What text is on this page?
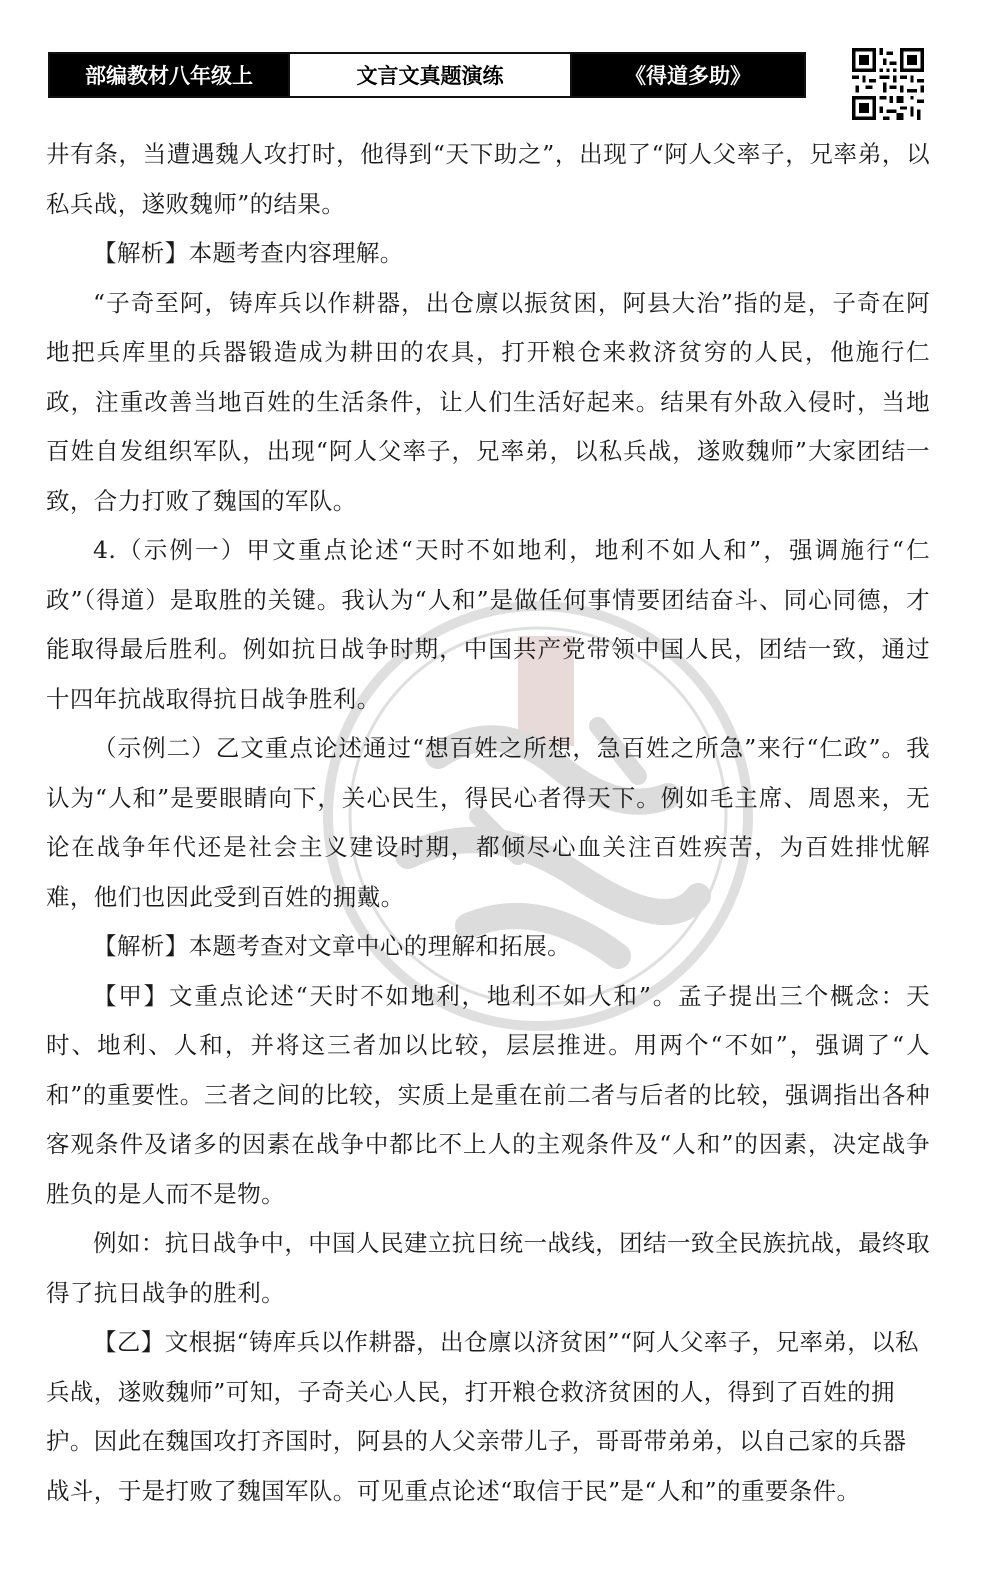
部编教材八年级上	文言文真题演练	《得道多助》

井有条，当遭遇魏人攻打时，他得到“天下助之”，出现了“阿人父率子，兄率弟，以私兵战，遂败魏师”的结果。

【解析】本题考查内容理解。

“子奇至阿，铸库兵以作耕器，出仓廪以振贫困，阿县大治”指的是，子奇在阿地把兵库里的兵器锻造成为耕田的农具，打开粮仓来救济贫穷的人民，他施行仁政，注重改善当地百姓的生活条件，让人们生活好起来。结果有外敌入侵时，当地百姓自发组织军队，出现“阿人父率子，兄率弟，以私兵战，遂败魏师”大家团结一致，合力打败了魏国的军队。

4.（示例一）甲文重点论述“天时不如地利，地利不如人和”，强调施行“仁政”（得道）是取胜的关键。我认为“人和”是做任何事情要团结奋斗、同心同德，才能取得最后胜利。例如抗日战争时期，中国共产党带领中国人民，团结一致，通过十四年抗战取得抗日战争胜利。

（示例二）乙文重点论述通过“想百姓之所想，急百姓之所急”来行“仁政”。我认为“人和”是要眼睛向下，关心民生，得民心者得天下。例如毛主席、周恩来，无论在战争年代还是社会主义建设时期，都倾尽心血关注百姓疾苦，为百姓排忧解难，他们也因此受到百姓的拥戴。

【解析】本题考查对文章中心的理解和拓展。

【甲】文重点论述“天时不如地利，地利不如人和”。孟子提出三个概念：天时、地利、人和，并将这三者加以比较，层层推进。用两个“不如”，强调了“人和”的重要性。三者之间的比较，实质上是重在前二者与后者的比较，强调指出各种客观条件及诸多的因素在战争中都比不上人的主观条件及“人和”的因素，决定战争胜负的是人而不是物。

例如：抗日战争中，中国人民建立抗日统一战线，团结一致全民族抗战，最终取得了抗日战争的胜利。

【乙】文根据“铸库兵以作耕器，出仓廪以济贫困”“阿人父率子，兄率弟，以私兵战，遂败魏师”可知，子奇关心人民，打开粮仓救济贫困的人，得到了百姓的拥护。因此在魏国攻打齐国时，阿县的人父亲带儿子，哥哥带弟弟，以自己家的兵器战斗，于是打败了魏国军队。可见重点论述“取信于民”是“人和”的重要条件。
